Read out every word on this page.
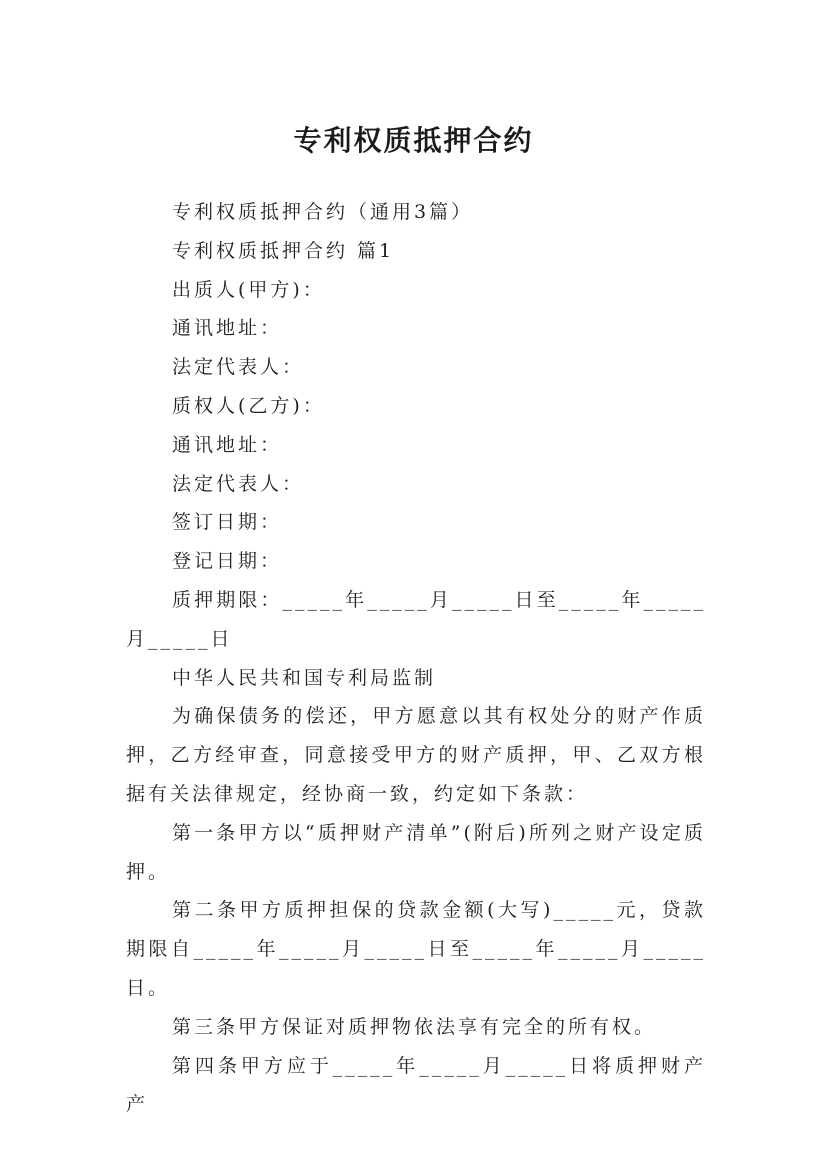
专利权质抵押合约

专利权质抵押合约（通用3篇）

专利权质抵押合约 篇1

出质人(甲方)：

通讯地址：

法定代表人：

质权人(乙方)：

通讯地址：

法定代表人：

签订日期：

登记日期：

质押期限：_____年_____月_____日至_____年_____月_____日

中华人民共和国专利局监制

为确保债务的偿还，甲方愿意以其有权处分的财产作质押，乙方经审查，同意接受甲方的财产质押，甲、乙双方根据有关法律规定，经协商一致，约定如下条款：

第一条甲方以“质押财产清单”(附后)所列之财产设定质押。

第二条甲方质押担保的贷款金额(大写)_____元，贷款期限自_____年_____月_____日至_____年_____月_____日。

第三条甲方保证对质押物依法享有完全的所有权。

第四条甲方应于_____年_____月_____日将质押财产产
